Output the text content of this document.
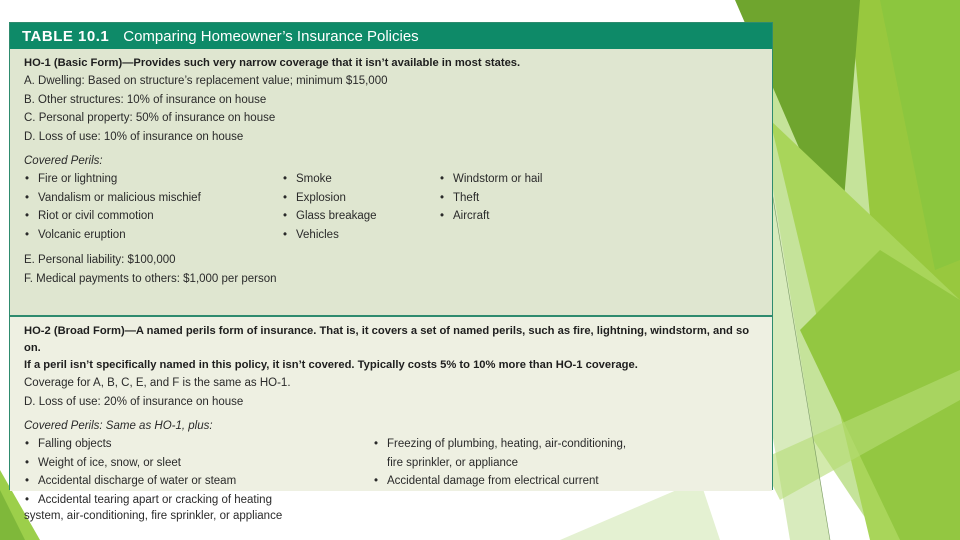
TABLE 10.1 Comparing Homeowner’s Insurance Policies
HO-1 (Basic Form)—Provides such very narrow coverage that it isn’t available in most states.
A. Dwelling: Based on structure’s replacement value; minimum $15,000
B. Other structures: 10% of insurance on house
C. Personal property: 50% of insurance on house
D. Loss of use: 10% of insurance on house
Covered Perils:
• Fire or lightning
• Vandalism or malicious mischief
• Riot or civil commotion
• Volcanic eruption
• Smoke
• Explosion
• Glass breakage
• Vehicles
• Windstorm or hail
• Theft
• Aircraft
E. Personal liability: $100,000
F. Medical payments to others: $1,000 per person
HO-2 (Broad Form)—A named perils form of insurance. That is, it covers a set of named perils, such as fire, lightning, windstorm, and so on.
If a peril isn’t specifically named in this policy, it isn’t covered. Typically costs 5% to 10% more than HO-1 coverage.
Coverage for A, B, C, E, and F is the same as HO-1.
D. Loss of use: 20% of insurance on house
Covered Perils: Same as HO-1, plus:
• Falling objects
• Weight of ice, snow, or sleet
• Accidental discharge of water or steam
• Accidental tearing apart or cracking of heating
system, air-conditioning, fire sprinkler, or appliance
• Freezing of plumbing, heating, air-conditioning,
fire sprinkler, or appliance
• Accidental damage from electrical current
